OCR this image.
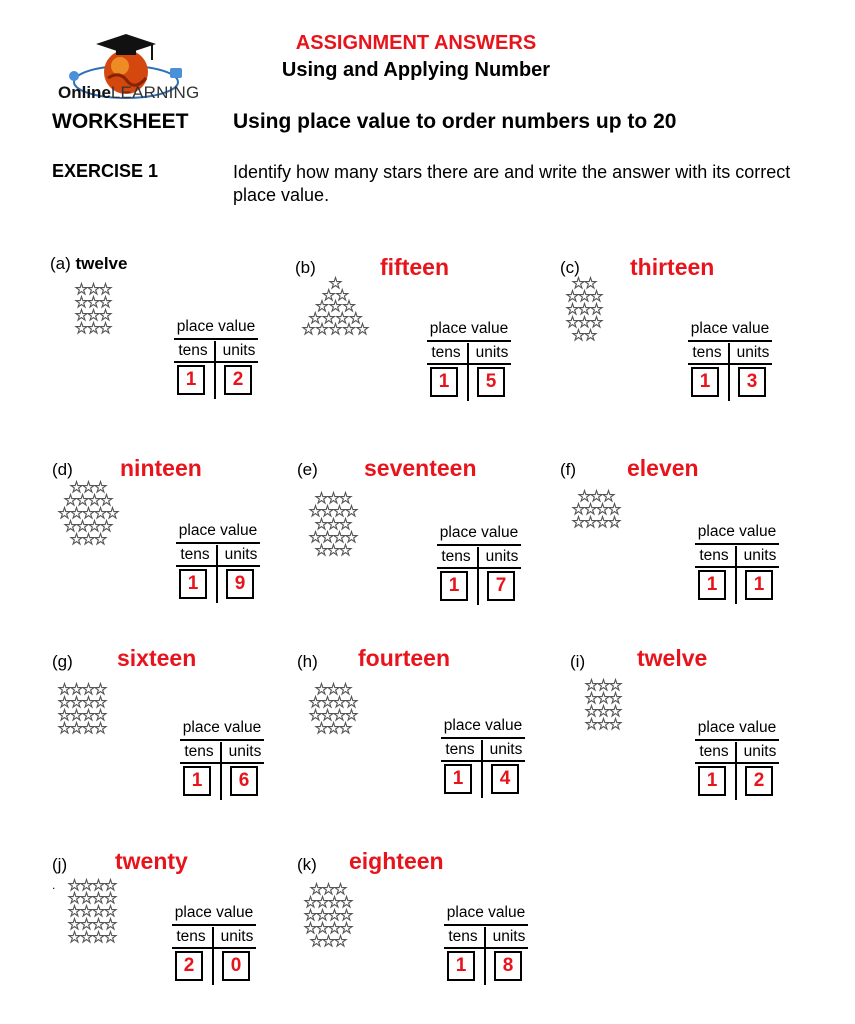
OnlineLEARNING
ASSIGNMENT ANSWERS
Using and Applying Number
WORKSHEET Using place value to order numbers up to 20
EXERCISE 1	Identify how many stars there are and write the answer with its correct place value.
.
(a) twelve
★ ★ ★
★ ★ ★
★ ★ ★
★ ★ ★	place value
tens units
1	2
fifteen
(b)
★
★ ★
★ ★ ★
★ ★ ★ ★
★ ★ ★ ★ ★	place value
tens units
1	5
thirteen
(c)
★ ★
★ ★ ★
★ ★ ★
★ ★ ★
★ ★	place value
tens units
1	3
ninteen
(d)
★ ★ ★
★ ★ ★ ★
★ ★ ★ ★ ★
★ ★ ★ ★
★ ★ ★
place value
tens units
1	9
seventeen
(e)
★ ★ ★
★ ★ ★ ★
★ ★ ★
★ ★ ★ ★
★ ★ ★
place value
tens units
1	7
eleven
(f)
★ ★ ★
★ ★ ★ ★
★ ★ ★ ★	place value
tens units
1	1
sixteen
(g)
★ ★ ★ ★
★ ★ ★ ★
★ ★ ★ ★
★ ★ ★ ★	place value
tens units
1	6
fourteen
(h)
★ ★ ★
★ ★ ★ ★
★ ★ ★ ★
★ ★ ★	place value
tens units
1	4
twelve
(i)
★ ★ ★
★ ★ ★
★ ★ ★
★ ★ ★	place value
tens units
1	2
twenty
(j)
★ ★ ★ ★
★ ★ ★ ★
★ ★ ★ ★
★ ★ ★ ★
★ ★ ★ ★
place value
tens units
2	0
eighteen
(k)
★ ★ ★
★ ★ ★ ★
★ ★ ★ ★
★ ★ ★ ★
★ ★ ★
place value
tens units
1	8
